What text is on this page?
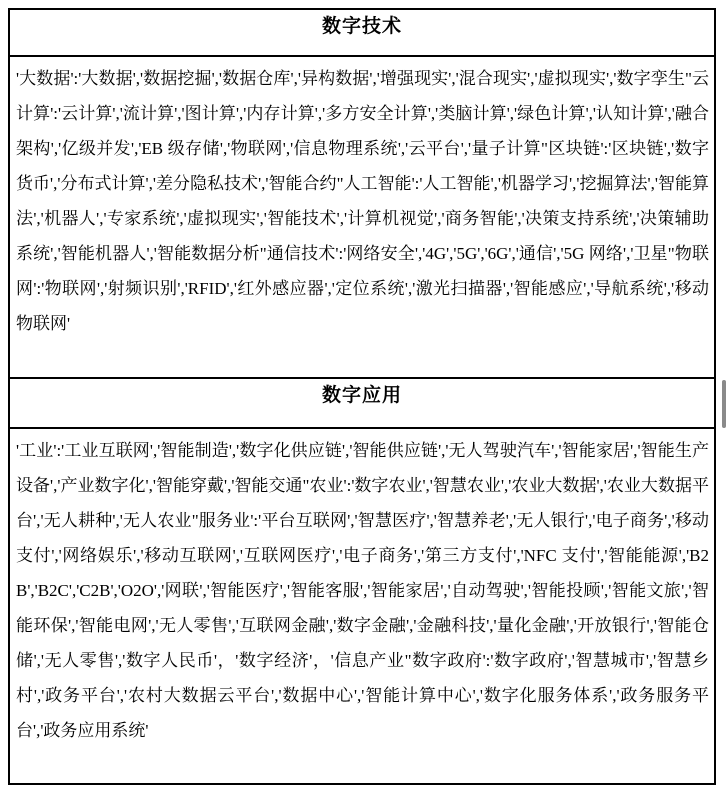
数字技术
'大数据':'大数据','数据挖掘','数据仓库','异构数据','增强现实','混合现实','虚拟现实','数字孪生"云计算':'云计算','流计算','图计算','内存计算','多方安全计算','类脑计算','绿色计算','认知计算','融合架构','亿级并发','EB 级存储','物联网','信息物理系统','云平台','量子计算"区块链':'区块链','数字货币','分布式计算','差分隐私技术','智能合约"人工智能':'人工智能','机器学习','挖掘算法','智能算法','机器人','专家系统','虚拟现实','智能技术','计算机视觉','商务智能','决策支持系统','决策辅助系统','智能机器人','智能数据分析"通信技术':'网络安全','4G','5G','6G','通信','5G 网络','卫星"物联网':'物联网','射频识别','RFID','红外感应器','定位系统','激光扫描器','智能感应','导航系统','移动物联网'
数字应用
'工业':'工业互联网','智能制造','数字化供应链','智能供应链','无人驾驶汽车','智能家居','智能生产设备','产业数字化','智能穿戴','智能交通"农业':'数字农业','智慧农业','农业大数据','农业大数据平台','无人耕种','无人农业"服务业':'平台互联网','智慧医疗','智慧养老','无人银行','电子商务','移动支付','网络娱乐','移动互联网','互联网医疗','电子商务','第三方支付','NFC 支付','智能能源','B2B','B2C','C2B','O2O','网联','智能医疗','智能客服','智能家居','自动驾驶','智能投顾','智能文旅','智能环保','智能电网','无人零售','互联网金融','数字金融','金融科技','量化金融','开放银行','智能仓储','无人零售','数字人民币'，'数字经济'，'信息产业"数字政府':'数字政府','智慧城市','智慧乡村','政务平台','农村大数据云平台','数据中心','智能计算中心','数字化服务体系','政务服务平台','政务应用系统'
